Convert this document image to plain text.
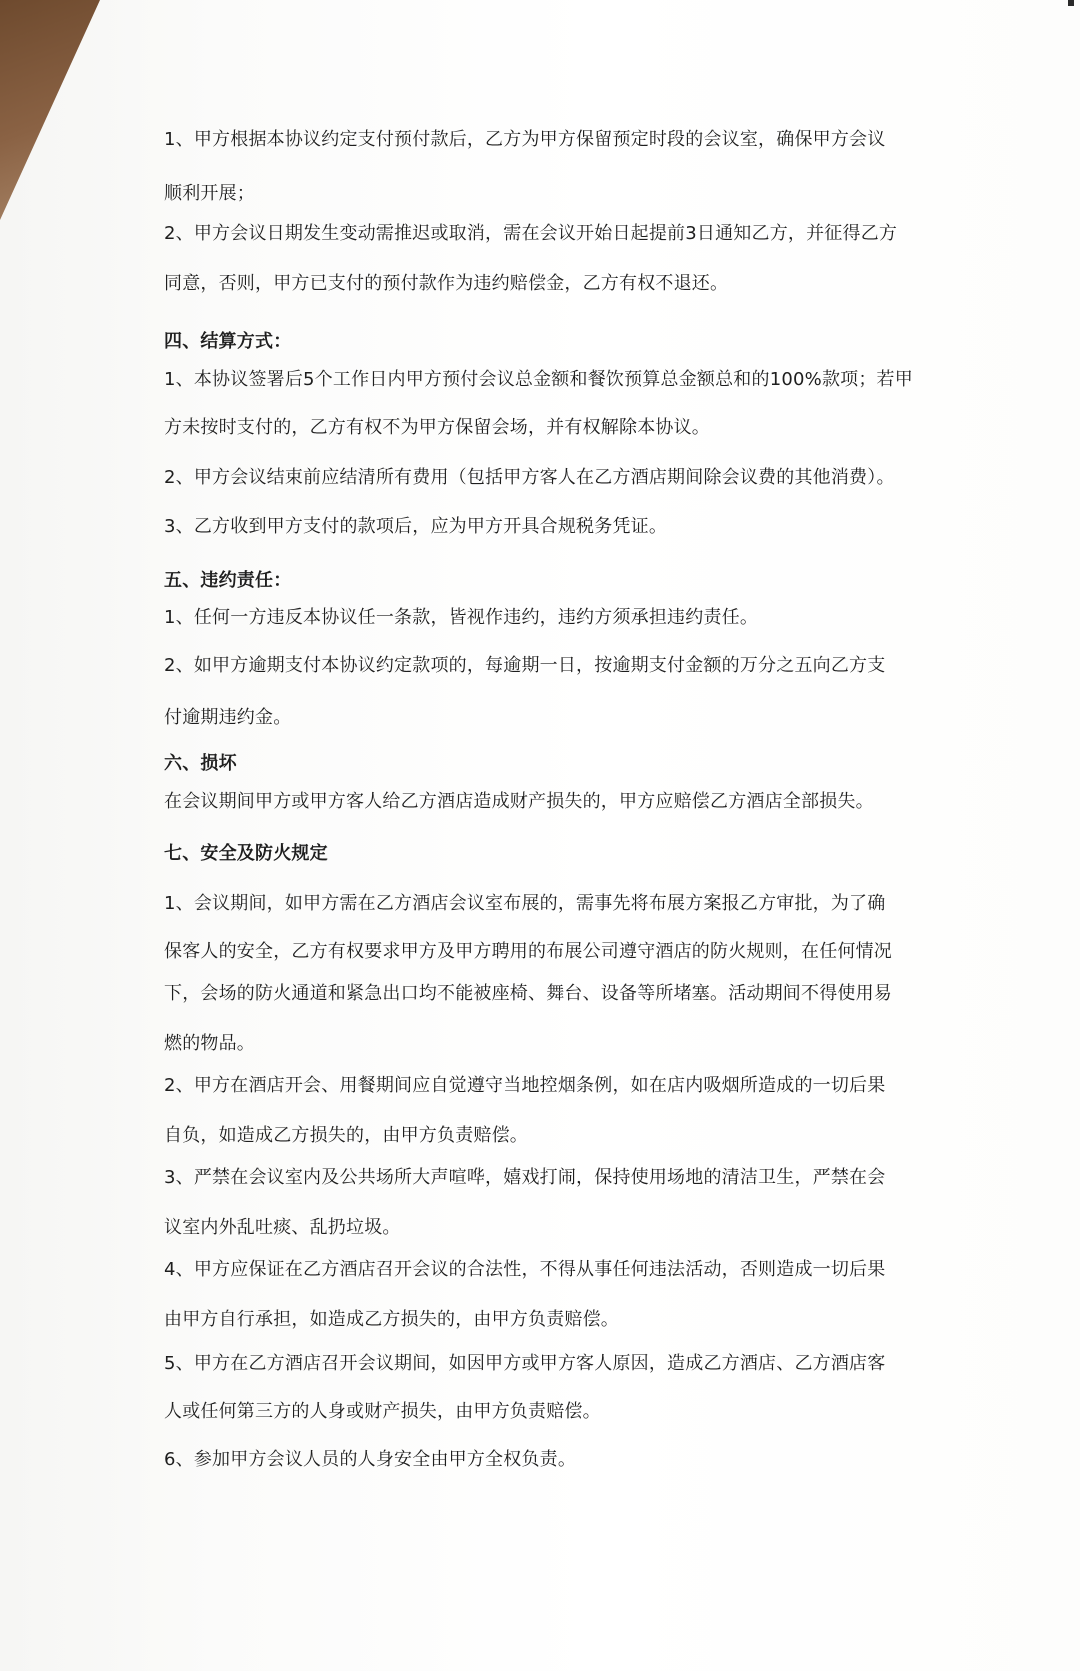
1、甲方根据本协议约定支付预付款后，乙方为甲方保留预定时段的会议室，确保甲方会议
顺利开展；
2、甲方会议日期发生变动需推迟或取消，需在会议开始日起提前3日通知乙方，并征得乙方
同意，否则，甲方已支付的预付款作为违约赔偿金，乙方有权不退还。
四、结算方式：
1、本协议签署后5个工作日内甲方预付会议总金额和餐饮预算总金额总和的100%款项；若甲
方未按时支付的，乙方有权不为甲方保留会场，并有权解除本协议。
2、甲方会议结束前应结清所有费用（包括甲方客人在乙方酒店期间除会议费的其他消费）。
3、乙方收到甲方支付的款项后，应为甲方开具合规税务凭证。
五、违约责任：
1、任何一方违反本协议任一条款，皆视作违约，违约方须承担违约责任。
2、如甲方逾期支付本协议约定款项的，每逾期一日，按逾期支付金额的万分之五向乙方支
付逾期违约金。
六、损坏
在会议期间甲方或甲方客人给乙方酒店造成财产损失的，甲方应赔偿乙方酒店全部损失。
七、安全及防火规定
1、会议期间，如甲方需在乙方酒店会议室布展的，需事先将布展方案报乙方审批，为了确
保客人的安全，乙方有权要求甲方及甲方聘用的布展公司遵守酒店的防火规则，在任何情况
下，会场的防火通道和紧急出口均不能被座椅、舞台、设备等所堵塞。活动期间不得使用易
燃的物品。
2、甲方在酒店开会、用餐期间应自觉遵守当地控烟条例，如在店内吸烟所造成的一切后果
自负，如造成乙方损失的，由甲方负责赔偿。
3、严禁在会议室内及公共场所大声喧哗，嬉戏打闹，保持使用场地的清洁卫生，严禁在会
议室内外乱吐痰、乱扔垃圾。
4、甲方应保证在乙方酒店召开会议的合法性，不得从事任何违法活动，否则造成一切后果
由甲方自行承担，如造成乙方损失的，由甲方负责赔偿。
5、甲方在乙方酒店召开会议期间，如因甲方或甲方客人原因，造成乙方酒店、乙方酒店客
人或任何第三方的人身或财产损失，由甲方负责赔偿。
6、参加甲方会议人员的人身安全由甲方全权负责。
